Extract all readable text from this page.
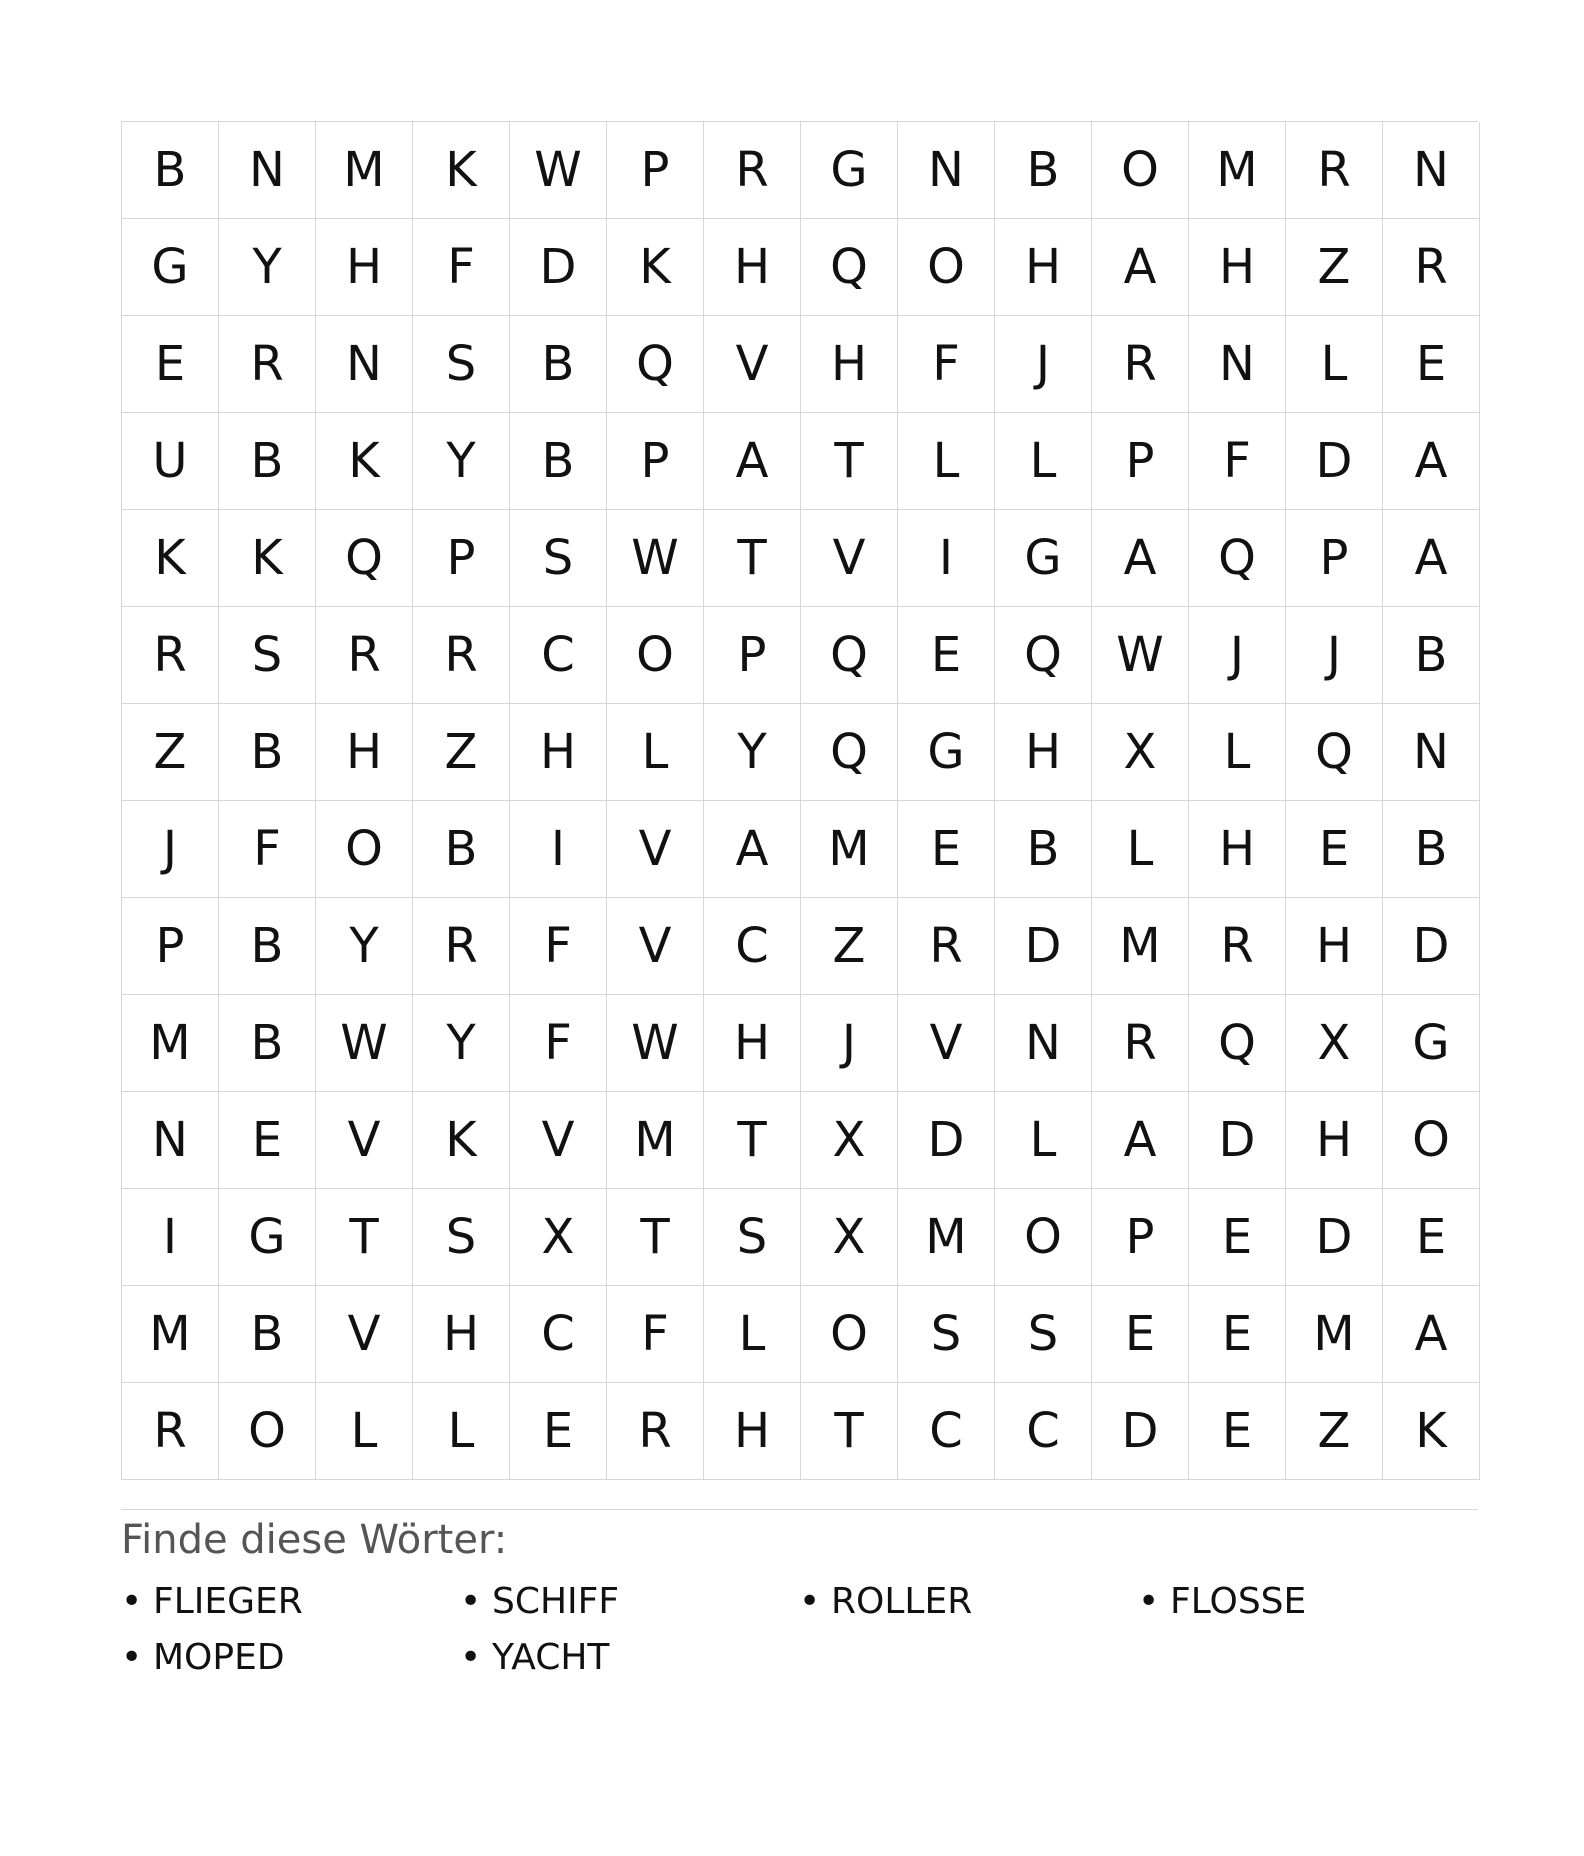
B	N	M	K	W	P	R	G	N	B	O	M	R	N
G	Y	H	F	D	K	H	Q	O	H	A	H	Z	R
E	R	N	S	B	Q	V	H	F	J	R	N	L	E
U	B	K	Y	B	P	A	T	L	L	P	F	D	A
K	K	Q	P	S	W	T	V	I	G	A	Q	P	A
R	S	R	R	C	O	P	Q	E	Q	W	J	J	B
Z	B	H	Z	H	L	Y	Q	G	H	X	L	Q	N
J	F	O	B	I	V	A	M	E	B	L	H	E	B
P	B	Y	R	F	V	C	Z	R	D	M	R	H	D
M	B	W	Y	F	W	H	J	V	N	R	Q	X	G
N	E	V	K	V	M	T	X	D	L	A	D	H	O
I	G	T	S	X	T	S	X	M	O	P	E	D	E
M	B	V	H	C	F	L	O	S	S	E	E	M	A
R	O	L	L	E	R	H	T	C	C	D	E	Z	K
Finde diese Wörter:
• FLIEGER	• SCHIFF	• ROLLER	• FLOSSE
• MOPED	• YACHT
